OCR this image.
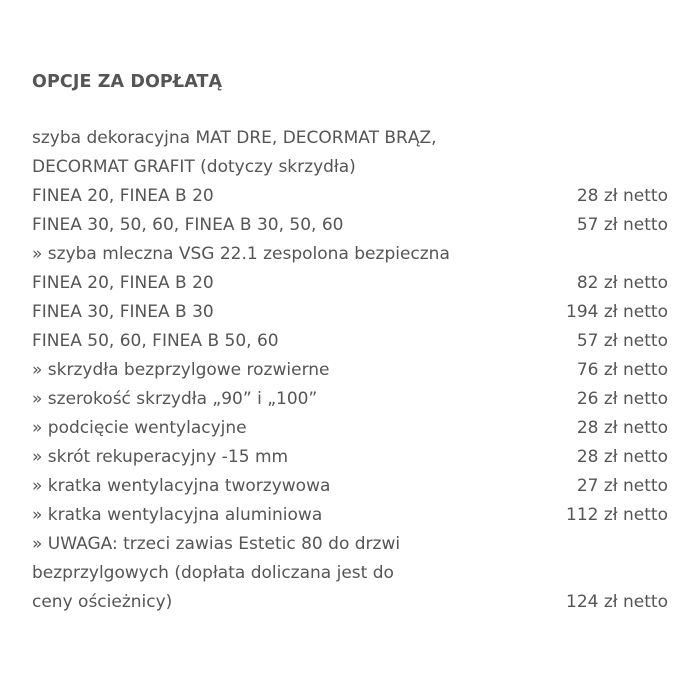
OPCJE ZA DOPŁATĄ
szyba dekoracyjna MAT DRE, DECORMAT BRĄZ, DECORMAT GRAFIT (dotyczy skrzydła)
FINEA 20, FINEA B 20	28 zł netto
FINEA 30, 50, 60, FINEA B 30, 50, 60	57 zł netto
» szyba mleczna VSG 22.1 zespolona bezpieczna
FINEA 20, FINEA B 20	82 zł netto
FINEA 30, FINEA B 30	194 zł netto
FINEA 50, 60, FINEA B 50, 60	57 zł netto
» skrzydła bezprzylgowe rozwierne	76 zł netto
» szerokość skrzydła „90” i „100”	26 zł netto
» podcięcie wentylacyjne	28 zł netto
» skrót rekuperacyjny -15 mm	28 zł netto
» kratka wentylacyjna tworzywowa	27 zł netto
» kratka wentylacyjna aluminiowa	112 zł netto
» UWAGA: trzeci zawias Estetic 80 do drzwi bezprzylgowych (dopłata doliczana jest do ceny ościeżnicy)	124 zł netto
